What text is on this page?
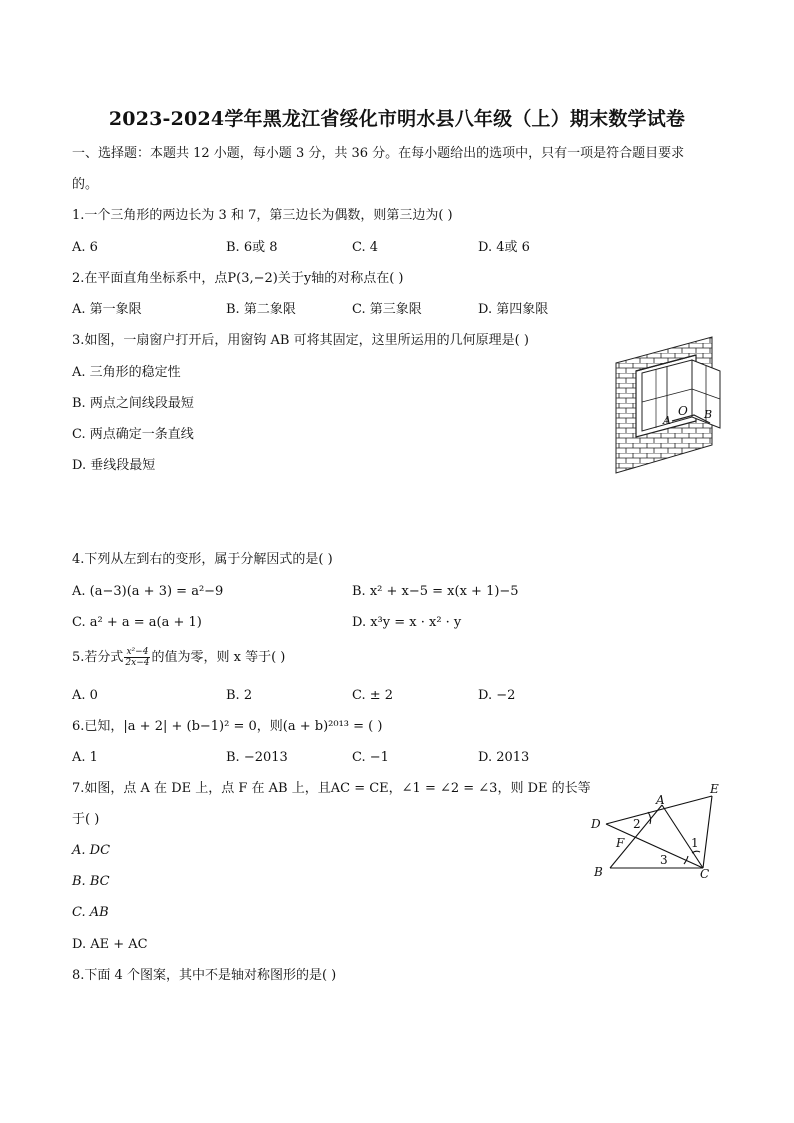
2023-2024学年黑龙江省绥化市明水县八年级（上）期末数学试卷
一、选择题：本题共 12 小题，每小题 3 分，共 36 分。在每小题给出的选项中，只有一项是符合题目要求
的。
1.一个三角形的两边长为 3 和 7，第三边长为偶数，则第三边为( )
A. 6	B. 6或 8	C. 4	D. 4或 6
2.在平面直角坐标系中，点P(3,−2)关于y轴的对称点在( )
A. 第一象限	B. 第二象限	C. 第三象限	D. 第四象限
3.如图，一扇窗户打开后，用窗钩 AB 可将其固定，这里所运用的几何原理是( )
A. 三角形的稳定性
B. 两点之间线段最短
C. 两点确定一条直线
D. 垂线段最短
A
O B
4.下列从左到右的变形，属于分解因式的是( )
A. (a−3)(a + 3) = a²−9	B. x² + x−5 = x(x + 1)−5
C. a² + a = a(a + 1)	D. x³y = x · x² · y
5.若分式 $\frac{\text{x²−4}}{2x-4}$ 的值为零，则 x 等于( )
A. 0	B. 2	C. ± 2	D. −2
6.已知，|a + 2| + (b−1)² = 0，则(a + b)²⁰¹³ = ( )
A. 1	B. −2013	C. −1	D. 2013
7.如图，点 A 在 DE 上，点 F 在 AB 上，且AC = CE，∠1 = ∠2 = ∠3，则 DE 的长等
于( )
A. DC
B. BC
C. AB
D. AE + AC
E
A
D	2
F	1
3
B	C
8.下面 4 个图案，其中不是轴对称图形的是( )
